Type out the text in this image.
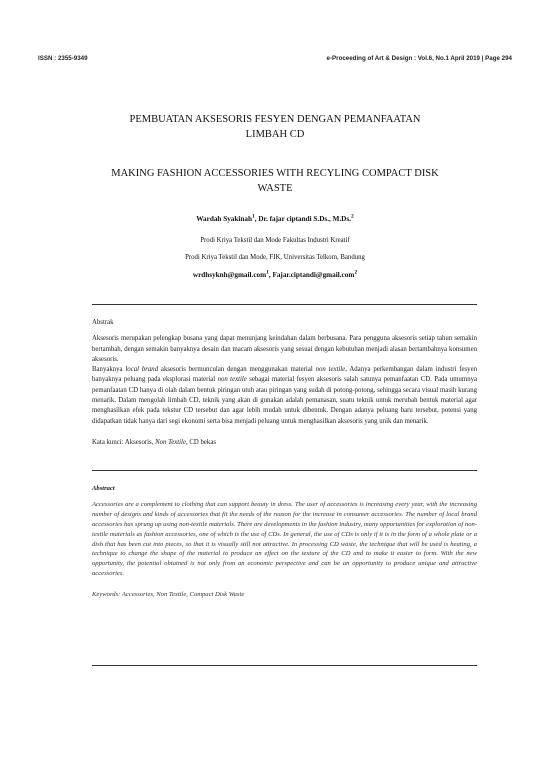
ISSN : 2355-9349	e-Proceeding of Art & Design : Vol.6, No.1 April 2019 | Page 294
PEMBUATAN AKSESORIS FESYEN DENGAN PEMANFAATAN
LIMBAH CD
MAKING FASHION ACCESSORIES WITH RECYLING COMPACT DISK
WASTE
Wardah Syakinah$^1$, Dr. fajar ciptandi S.Ds., M.Ds.$^2$
Prodi Kriya Tekstil dan Mode Fakultas Industri Kreatif
Prodi Kriya Tekstil dan Mode, FIK, Universitas Telkom, Bandung
wrdhsyknh@gmail.com$^1$, Fajar.ciptandi@gmail.com$^2$

Abstrak

Aksesoris merupakan pelengkap busana yang dapat menunjang keindahan dalam berbusana. Para pengguna aksesoris setiap tahun semakin bertambah, dengan semakin banyaknya desain dan macam aksesoris yang sesuai dengan kebutuhan menjadi alasan bertambahnya konsumen aksesoris.

Banyaknya local brand aksesoris bermunculan dengan menggunakan material non textile, Adanya perkembangan dalam industri fesyen banyaknya peluang pada eksplorasi material non textile sebagai material fesyen aksesoris salah satunya pemanfaatan CD. Pada umumnya pemanfaatan CD hanya di olah dalam bentuk piringan utuh atau piringan yang sudah di potong-potong, sehingga secara visual masih kurang menarik. Dalam mengolah limbah CD, teknik yang akan di gunakan adalah pemanasan, suatu teknik untuk merubah bentuk material agar menghasilkan efek pada tekstur CD tersebut dan agar lebih mudah untuk dibentuk. Dengan adanya peluang baru tersebut, potensi yang didapatkan tidak hanya dari segi ekonomi serta bisa menjadi peluang untuk menghasilkan aksesoris yang unik dan menarik.

Kata kunci: Aksesoris, Non Textile, CD bekas

Abstract

Accessories are a complement to clothing that can support beauty in dress. The user of accessories is increasing every year, with the increasing number of designs and kinds of accessories that fit the needs of the reason for the increase in consumer accessories. The number of local brand accessories has sprung up using non-textile materials. There are developments in the fashion industry, many opportunities for exploration of non-textile materials as fashion accessories, one of which is the use of CDs. In general, the use of CDs is only if it is in the form of a whole plate or a dish that has been cut into pieces, so that it is visually still not attractive. In processing CD waste, the technique that will be used is heating, a technique to change the shape of the material to produce an effect on the texture of the CD and to make it easier to form. With the new opportunity, the potential obtained is not only from an economic perspective and can be an opportunity to produce unique and attractive accessories.

Keywords: Accessories, Non Textile, Compact Disk Waste
